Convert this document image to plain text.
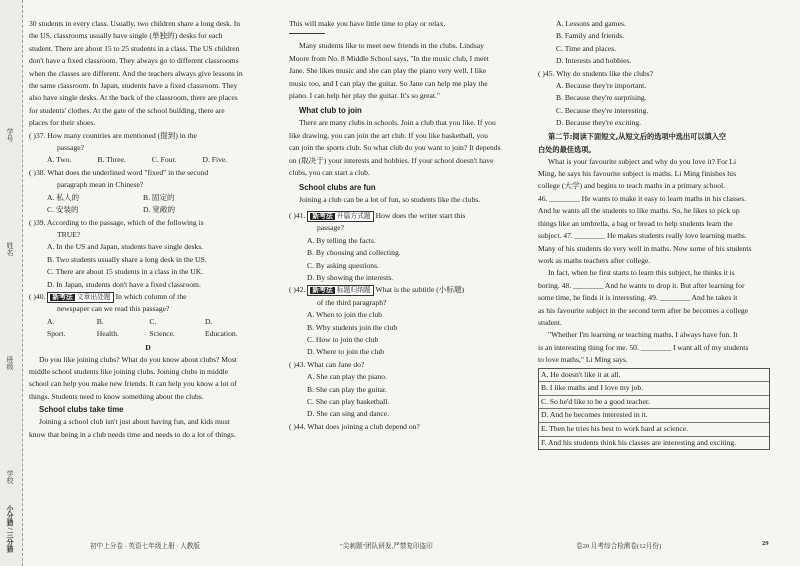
学号
姓名
班级
学校
小分猎 / 三分猎
30 students in every class. Usually, two children share a long desk. In
the US, classrooms usually have single (单独的) desks for each
student. There are about 15 to 25 students in a class. The US children
don't have a fixed classroom. They always go to different classrooms
when the classes are different. And the teachers always give lessons in
the same classroom. In Japan, students have a fixed classroom. They
also have single desks. At the back of the classroom, there are places
for students' clothes. At the gate of the school building, there are
places for their shoes.
( )37. How many countries are mentioned (提到) in the
passage?
A. Two.	B. Three.	C. Four.	D. Five.
( )38. What does the underlined word "fixed" in the second
paragraph mean in Chinese?
A. 私人的	B. 固定的
C. 安装的	D. 宽敞的
( )39. According to the passage, which of the following is
TRUE?
A. In the US and Japan, students have single desks.
B. Two students usually share a long desk in the US.
C. There are about 15 students in a class in the UK.
D. In Japan, students don't have a fixed classroom.
( )40. 新考法 文章出处题 In which column of the
newspaper can we read this passage?
A. Sport.
B. Health.
C. Science.
D. Education.
D
Do you like joining clubs? What do you know about clubs? Most
middle school students like joining clubs. Joining clubs in middle
school can help you make new friends. It can help you know a lot of
things. Students need to know something about the clubs.
School clubs take time
Joining a school club isn't just about having fun, and kids must
know that being in a club needs time and needs to do a lot of things.
This will make you have little time to play or relax.
Many students like to meet new friends in the clubs. Lindsay
Moore from No. 8 Middle School says, "In the music club, I meet
Jane. She likes music and she can play the piano very well. I like
music too, and I can play the guitar. So Jane can help me play the
piano. I can help her play the guitar. It's so great."
What club to join
There are many clubs in schools. Join a club that you like. If you
like drawing, you can join the art club. If you like basketball, you
can join the sports club. So what club do you want to join? It depends
on (取决于) your interests and hobbies. If your school doesn't have
clubs, you can start a club.
School clubs are fun
Joining a club can be a lot of fun, so students like the clubs.
( )41. 新考法 开篇方式题 How does the writer start this
passage?
A. By telling the facts.
B. By choosing and collecting.
C. By asking questions.
D. By showing the interests.
( )42. 新考法 标题归纳题 What is the subtitle (小标题)
of the third paragraph?
A. When to join the club
B. Why students join the club
C. How to join the club
D. Where to join the club
( )43. What can Jane do?
A. She can play the piano.
B. She can play the guitar.
C. She can play basketball.
D. She can sing and dance.
( )44. What does joining a club depend on?
A. Lessons and games.
B. Family and friends.
C. Time and places.
D. Interests and hobbies.
( )45. Why do students like the clubs?
A. Because they're important.
B. Because they're surprising.
C. Because they're interesting.
D. Because they're exciting.
第二节:阅读下面短文,从短文后的选项中选出可以填入空
白处的最佳选项。
What is your favourite subject and why do you love it? For Li
Ming, he says his favourite subject is maths. Li Ming finishes his
college (大学) and begins to teach maths in a primary school.
46. ________ He wants to make it easy to learn maths in his classes.
And he wants all the students to like maths. So, he likes to pick up
things like an umbrella, a bag or bread to help students learn the
subject. 47. ________ He makes students really love learning maths.
Many of his students do very well in maths. Now some of his students
work as maths teachers after college.
In fact, when he first starts to learn this subject, he thinks it is
boring. 48. ________ And he wants to drop it. But after learning for
some time, he finds it is interesting. 49. ________ And he takes it
as his favourite subject in the second term after he becomes a college
student.
"Whether I'm learning or teaching maths, I always have fun. It
is an interesting thing for me. 50. ________ I want all of my students
to love maths," Li Ming says.
A. He doesn't like it at all.
B. I like maths and I love my job.
C. So he'd like to be a good teacher.
D. And he becomes interested in it.
E. Then he tries his best to work hard at science.
F. And his students think his classes are interesting and exciting.
初中上分卷 · 英语七年级上册 · 人教版	"尖刺题"团队研发,严禁复印盗印	卷20 月考综合检测卷(12月份)	29
